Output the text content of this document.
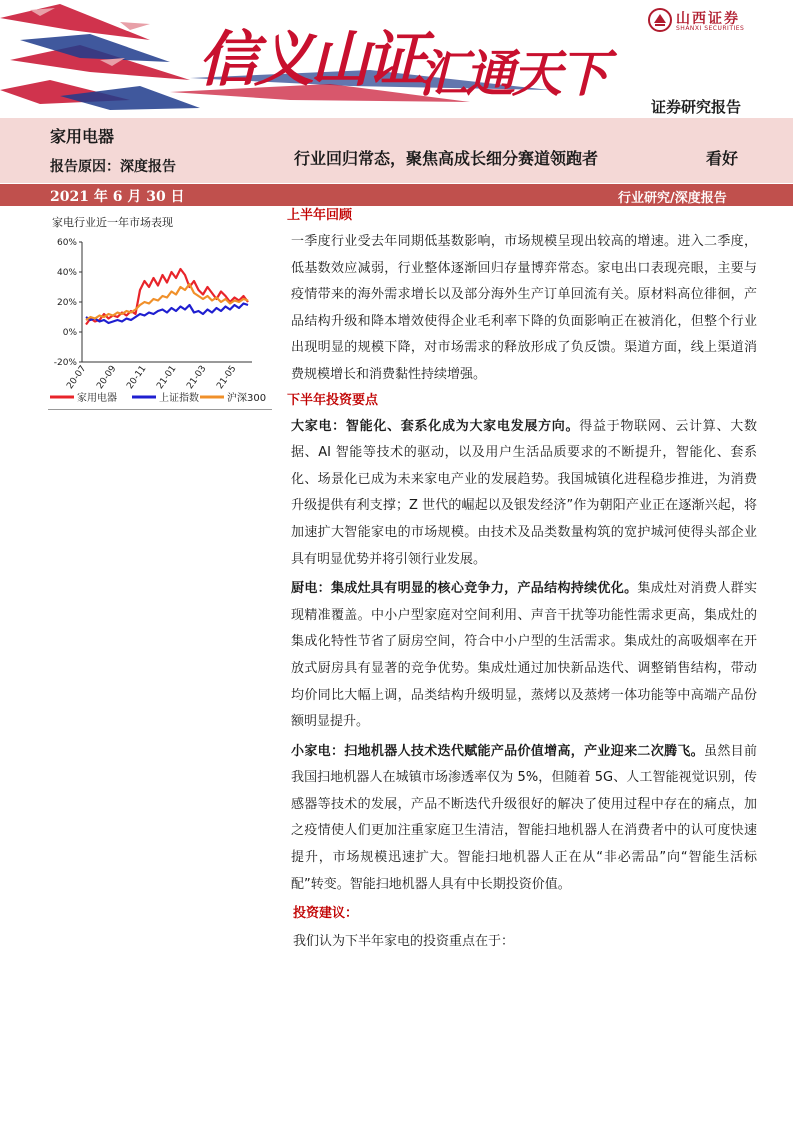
信义山证
汇通天下
山西证券
SHANXI SECURITIES
证券研究报告
家用电器
报告原因：深度报告	行业回归常态，聚焦高成长细分赛道领跑者	看好
2021 年 6 月 30 日	行业研究/深度报告
家电行业近一年市场表现
60%
40%
20%
0%
-20%
20-07 20-09 20-11 21-01 21-03 21-05
家用电器	上证指数	沪深300
上半年回顾

一季度行业受去年同期低基数影响，市场规模呈现出较高的增速。进入二季度，低基数效应减弱，行业整体逐渐回归存量博弈常态。家电出口表现亮眼，主要与疫情带来的海外需求增长以及部分海外生产订单回流有关。原材料高位徘徊，产品结构升级和降本增效使得企业毛利率下降的负面影响正在被消化，但整个行业出现明显的规模下降，对市场需求的释放形成了负反馈。渠道方面，线上渠道消费规模增长和消费黏性持续增强。

下半年投资要点

大家电：智能化、套系化成为大家电发展方向。得益于物联网、云计算、大数据、AI 智能等技术的驱动，以及用户生活品质要求的不断提升，智能化、套系化、场景化已成为未来家电产业的发展趋势。我国城镇化进程稳步推进，为消费升级提供有利支撑；Z 世代的崛起以及银发经济”作为朝阳产业正在逐渐兴起，将加速扩大智能家电的市场规模。由技术及品类数量构筑的宽护城河使得头部企业具有明显优势并将引领行业发展。

厨电：集成灶具有明显的核心竞争力，产品结构持续优化。集成灶对消费人群实现精准覆盖。中小户型家庭对空间利用、声音干扰等功能性需求更高，集成灶的集成化特性节省了厨房空间，符合中小户型的生活需求。集成灶的高吸烟率在开放式厨房具有显著的竞争优势。集成灶通过加快新品迭代、调整销售结构，带动均价同比大幅上调，品类结构升级明显，蒸烤以及蒸烤一体功能等中高端产品份额明显提升。

小家电：扫地机器人技术迭代赋能产品价值增高，产业迎来二次腾飞。虽然目前我国扫地机器人在城镇市场渗透率仅为 5%，但随着 5G、人工智能视觉识别，传感器等技术的发展，产品不断迭代升级很好的解决了使用过程中存在的痛点，加之疫情使人们更加注重家庭卫生清洁，智能扫地机器人在消费者中的认可度快速提升，市场规模迅速扩大。智能扫地机器人正在从“非必需品”向“智能生活标配”转变。智能扫地机器人具有中长期投资价值。

投资建议：
我们认为下半年家电的投资重点在于：
